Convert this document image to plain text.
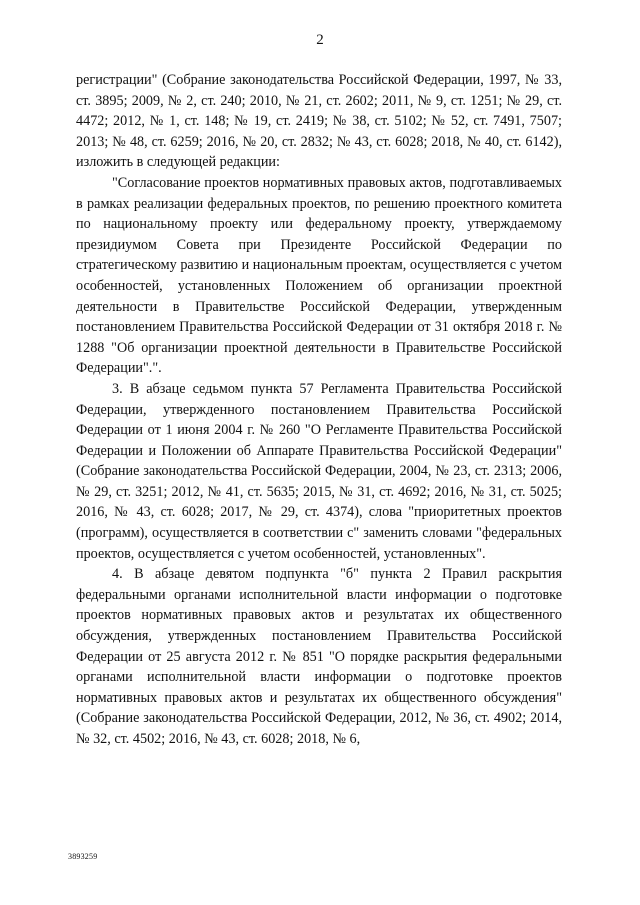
2

регистрации" (Собрание законодательства Российской Федерации, 1997, № 33, ст. 3895; 2009, № 2, ст. 240; 2010, № 21, ст. 2602; 2011, № 9, ст. 1251; № 29, ст. 4472; 2012, № 1, ст. 148; № 19, ст. 2419; № 38, ст. 5102; № 52, ст. 7491, 7507; 2013; № 48, ст. 6259; 2016, № 20, ст. 2832; № 43, ст. 6028; 2018, № 40, ст. 6142), изложить в следующей редакции:

"Согласование проектов нормативных правовых актов, подготавливаемых в рамках реализации федеральных проектов, по решению проектного комитета по национальному проекту или федеральному проекту, утверждаемому президиумом Совета при Президенте Российской Федерации по стратегическому развитию и национальным проектам, осуществляется с учетом особенностей, установленных Положением об организации проектной деятельности в Правительстве Российской Федерации, утвержденным постановлением Правительства Российской Федерации от 31 октября 2018 г. № 1288 "Об организации проектной деятельности в Правительстве Российской Федерации".".

3. В абзаце седьмом пункта 57 Регламента Правительства Российской Федерации, утвержденного постановлением Правительства Российской Федерации от 1 июня 2004 г. № 260 "О Регламенте Правительства Российской Федерации и Положении об Аппарате Правительства Российской Федерации" (Собрание законодательства Российской Федерации, 2004, № 23, ст. 2313; 2006, № 29, ст. 3251; 2012, № 41, ст. 5635; 2015, № 31, ст. 4692; 2016, № 31, ст. 5025; 2016, № 43, ст. 6028; 2017, № 29, ст. 4374), слова "приоритетных проектов (программ), осуществляется в соответствии с" заменить словами "федеральных проектов, осуществляется с учетом особенностей, установленных".

4. В абзаце девятом подпункта "б" пункта 2 Правил раскрытия федеральными органами исполнительной власти информации о подготовке проектов нормативных правовых актов и результатах их общественного обсуждения, утвержденных постановлением Правительства Российской Федерации от 25 августа 2012 г. № 851 "О порядке раскрытия федеральными органами исполнительной власти информации о подготовке проектов нормативных правовых актов и результатах их общественного обсуждения" (Собрание законодательства Российской Федерации, 2012, № 36, ст. 4902; 2014, № 32, ст. 4502; 2016, № 43, ст. 6028; 2018, № 6,

3893259
